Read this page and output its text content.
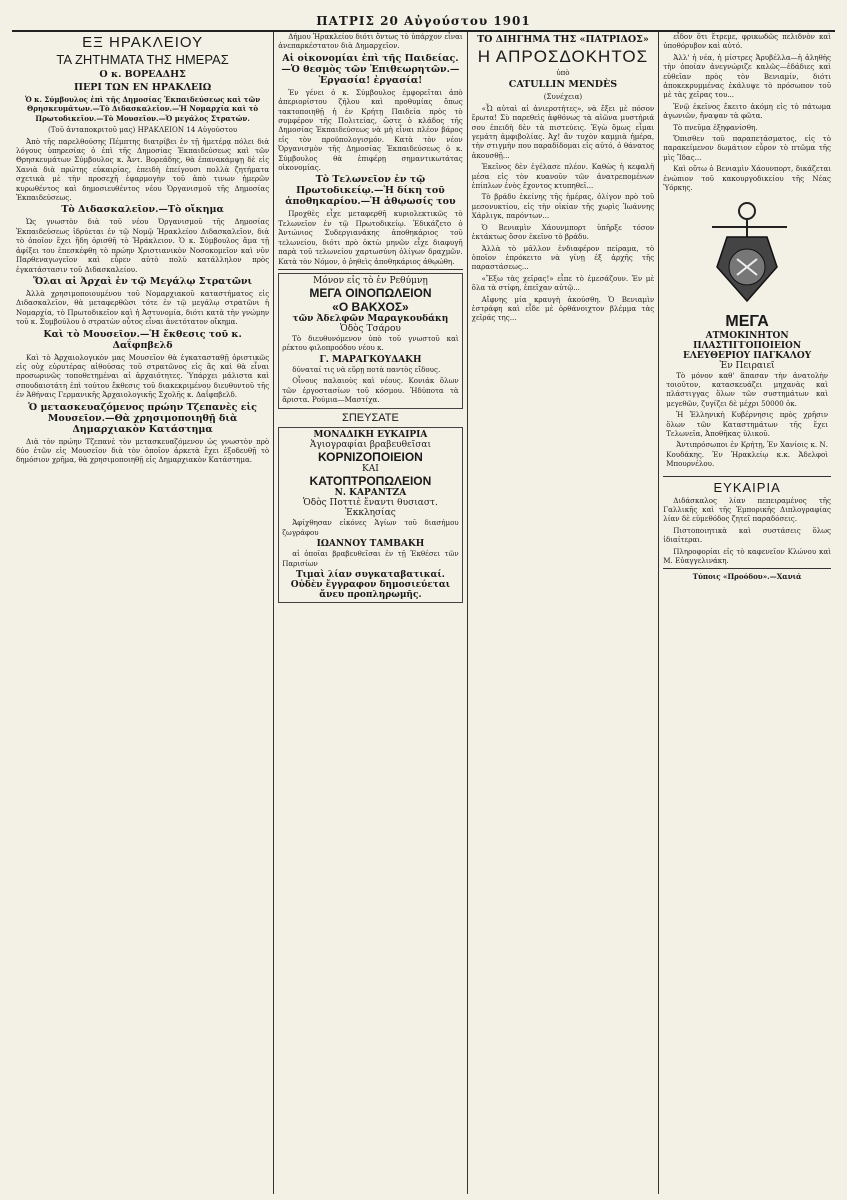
ΠΑΤΡΙΣ 20 Αὐγούστου 1901
ΕΞ ΗΡΑΚΛΕΙΟΥ
ΤΑ ΖΗΤΗΜΑΤΑ ΤΗΣ ΗΜΕΡΑΣ
Ο κ. ΒΟΡΕΑΔΗΣ
ΠΕΡΙ ΤΩΝ ΕΝ ΗΡΑΚΛΕΙΩ

Ὁ κ. Σύμβουλος ἐπὶ τῆς Δημοσίας Ἐκπαιδεύσεως καὶ τῶν Θρησκευμάτων.—Τὸ Διδασκαλεῖον.—Ἡ Νομαρχία καὶ τὸ Πρωτοδικεῖον.—Τὸ Μουσεῖον.—Ὁ μεγάλος Στρατών.

(Τοῦ ἀνταποκριτοῦ μας) ΗΡΑΚΛΕΙΟΝ 14 Αὐγούστου

Ἀπὸ τῆς παρελθούσης Πέμπτης διατρίβει ἐν τῇ ἡμετέρᾳ πόλει διὰ λόγους ὑπηρεσίας ὁ ἐπὶ τῆς Δημοσίας Ἐκπαιδεύσεως καὶ τῶν Θρησκευμάτων Σύμβουλος κ. Ἀντ. Βορεάδης, θὰ ἐπανακάμψῃ δὲ εἰς Χανιὰ διὰ πρώτης εὐκαιρίας, ἐπειδὴ ἐπείγουσι πολλὰ ζητήματα σχετικὰ μὲ τὴν προσεχῆ ἐφαρμογὴν τοῦ ἀπὸ τινων ἡμερῶν κυρωθέντος καὶ δημοσιευθέντος νέου Ὀργανισμοῦ τῆς Δημοσίας Ἐκπαιδεύσεως.

Τὸ Διδασκαλεῖον.—Τὸ οἴκημα

Ὡς γνωστὸν διὰ τοῦ νέου Ὀργανισμοῦ τῆς Δημοσίας Ἐκπαιδεύσεως ἱδρύεται ἐν τῷ Νομῷ Ἡρακλείου Διδασκαλεῖον, διὰ τὸ ὁποῖον ἔχει ἤδη ὁρισθῆ τὸ Ἡράκλειον. Ὁ κ. Σύμβουλος ἅμα τῇ ἀφίξει του ἐπεσκέφθη τὸ πρώην Χριστιανικὸν Νοσοκομεῖον καὶ νῦν Παρθεναγωγεῖον καὶ εὗρεν αὐτὸ πολὺ κατάλληλον πρὸς ἐγκατάστασιν τοῦ Διδασκαλείου.

Ὅλαι αἱ Ἀρχαὶ ἐν τῷ Μεγάλῳ Στρατῶνι

Ἀλλὰ χρησιμοποιουμένου τοῦ Νομαρχιακοῦ καταστήματος εἰς Διδασκαλεῖον, θὰ μεταφερθῶσι τότε ἐν τῷ μεγάλῳ στρατῶνι ἡ Νομαρχία, τὸ Πρωτοδικεῖον καὶ ἡ Ἀστυνομία, διότι κατὰ τὴν γνώμην τοῦ κ. Συμβούλου ὁ στρατὼν οὗτος εἶναι ἀνετότατον οἴκημα.

Καὶ τὸ Μουσεῖον.—Ἡ ἔκθεσις τοῦ κ. Δαΐφπβελδ

Καὶ τὸ Ἀρχαιολογικὸν μας Μουσεῖον θὰ ἐγκατασταθῇ ὁριστικῶς εἰς οὐχ εὐρυτέρας αἰθούσας τοῦ στρατῶνος εἰς ἃς καὶ θὰ εἶναι προσωρινῶς τοποθετημέναι αἱ ἀρχαιότητες. Ὑπάρχει μάλιστα καὶ σπουδαιοτάτη ἐπὶ τούτου ἔκθεσις τοῦ διακεκριμένου διευθυντοῦ τῆς ἐν Ἀθήναις Γερμανικῆς Ἀρχαιολογικῆς Σχολῆς κ. Δαΐφπβελδ.

Ὁ μετασκευαζόμενος πρώην Τζεπανὲς εἰς Μουσεῖον.—Θὰ χρησιμοποιηθῇ διὰ Δημαρχιακὸν Κατάστημα

Διὰ τὸν πρώην Τζεπανὲ τὸν μετασκευαζόμενον ὡς γνωστὸν πρὸ δύο ἐτῶν εἰς Μουσεῖον διὰ τὸν ὁποῖον ἀρκετὰ ἔχει ἐξοδευθῇ τὸ δημόσιον χρῆμα, θὰ χρησιμοποιηθῇ εἰς Δημαρχιακὸν Κατάστημα.

Δήμου Ἡρακλείου διότι ὄντως τὸ ὑπάρχον εἶναι ἀνεπαρκέστατον διὰ Δημαρχεῖον.

Αἱ οἰκονομίαι ἐπὶ τῆς Παιδείας.—Ὁ θεσμὸς τῶν Ἐπιθεωρητῶν.—Ἐργασία! ἐργασία!

Ἐν γένει ὁ κ. Σύμβουλος ἐμφορεῖται ἀπὸ ἀπεριορίστου ζήλου καὶ προθυμίας ὅπως τακτοποιηθῇ ἡ ἐν Κρήτῃ Παιδεία πρὸς τὸ συμφέρον τῆς Πολιτείας, ὥστε ὁ κλάδος τῆς Δημοσίας Ἐκπαιδεύσεως νὰ μὴ εἶναι πλέον βάρος εἰς τὸν προϋπολογισμόν. Κατὰ τὸν νέον Ὀργανισμὸν τῆς Δημοσίας Ἐκπαιδεύσεως ὁ κ. Σύμβουλος θὰ ἐπιφέρῃ σημαντικωτάτας οἰκονομίας.

Τὸ Τελωνεῖον ἐν τῷ Πρωτοδικείῳ.—Ἡ δίκη τοῦ ἀποθηκαρίου.—Ἡ ἀθῳωσίς του

Προχθὲς εἶχε μεταφερθῆ κυριολεκτικῶς τὸ Τελωνεῖον ἐν τῷ Πρωτοδικείῳ. Ἐδικάζετο ὁ Ἀντώνιος Συδεργιανάκης ἀποθηκάριος τοῦ τελωνείου, διότι πρὸ ὀκτὼ μηνῶν εἶχε διαφυγῆ παρὰ τοῦ τελωνείου χαρτωσύνη ὀλίγων δραχμῶν. Κατὰ τὸν Νόμον, ὁ ῥηθεὶς ἀποθηκάριος ἀθῳώθη.

Μόνον εἰς τὸ ἐν Ρεθύμνῃ
ΜΕΓΑ ΟΙΝΟΠΩΛΕΙΟΝ
«Ο ΒΑΚΧΟΣ»
τῶν Ἀδελφῶν Μαραγκουδάκη
Ὁδὸς Τσάρου

Τὸ διευθυνόμενον ὑπὸ τοῦ γνωστοῦ καὶ ρέκτου φιλοπροόδου νέου κ.

Γ. ΜΑΡΑΓΚΟΥΔΑΚΗ

δύναταί τις νὰ εὕρῃ ποτὰ παντὸς εἴδους.

Οἶνους παλαιοὺς καὶ νέους. Κονιάκ ὅλων τῶν ἐργοστασίων τοῦ κόσμου. Ἡδύποτα τὰ ἄριστα. Ρούμια—Μαστίχα.

ΣΠΕΥΣΑΤΕ
ΜΟΝΑΔΙΚΗ ΕΥΚΑΙΡΙΑ
Ἀγιογραφίαι βραβευθεῖσαι
ΚΟΡΝΙΖΟΠΟΙΕΙΟΝ
ΚΑΙ
ΚΑΤΟΠΤΡΟΠΩΛΕΙΟΝ
Ν. ΚΑΡΑΝΤΖΑ
Ὁδὸς Ποττιὲ ἔναντι θυσιαστ. Ἐκκλησίας

Ἀφίχθησαν εἰκόνες Ἁγίων τοῦ διασήμου ζωγράφου

ΙΩΑΝΝΟΥ ΤΑΜΒΑΚΗ

αἱ ὁποῖαι βραβευθεῖσαι ἐν τῇ Ἐκθέσει τῶν Παρισίων

Τιμαὶ λίαν συγκαταβατικαί.
Οὐδὲν ἔγγραφον δημοσιεύεται ἄνευ προπληρωμῆς.
ΤΟ ΔΙΗΓΗΜΑ ΤΗΣ «ΠΑΤΡΙΔΟΣ»
Η ΑΠΡΟΣΔΟΚΗΤΟΣ

ὑπὸ

CATULLIN MENDÈS

(Συνέχεια)

«Ὦ αὐταὶ αἱ ἀνιεροτήτες», νὰ ἔξει μὲ πόσον ἔρωτα! Σὺ παρεθεὶς ἀφθόνως τὰ αἰῶνα μυστήριά σου ἐπειδὴ δὲν τὰ πιστεύεις. Ἐγὼ ὅμως εἶμαι γεμάτη ἀμφιβολίας. Ἀχ! ἂν τυχὸν καμμιὰ ἡμέρα, τὴν στιγμὴν που παραδίδομαι εἰς αὐτό, ὁ θάνατος ἀκουσθῇ...

Ἐκεῖνος δὲν ἐγέλασε πλέον. Καθὼς ἡ κεφαλὴ μέσα εἰς τὸν κυανοῦν τῶν ἀνατρεπομένων ἐπίπλων ἐνὸς ἔχοντος κτυπηθεῖ...

Τὸ βράδυ ἐκείνης τῆς ἡμέρας, ὀλίγον πρὸ τοῦ μεσονυκτίου, εἰς τὴν οἰκίαν τῆς χωρὶς Ἰωάννης Χάρλιγκ, παρόντων...

Ὁ Βενιαμὶν Χάουνμπορτ ὑπῆρξε τόσον ἐκτάκτως ὅσον ἐκεῖνο τὸ βράδυ.

Ἀλλὰ τὸ μᾶλλον ἐνδιαφέρον πείραμα, τὸ ὁποῖον ἐπρόκειτο νὰ γίνῃ ἐξ ἀρχῆς τῆς παραστάσεως...

«Ἔξω τὰς χεῖρας!» εἶπε τὸ ἐμεσάζουν. Ἐν μὲ ὅλα τὰ στίφη, ἐπεῖχαν αὐτῷ...

Αἴφνης μία κραυγὴ ἀκούσθη. Ὁ Βενιαμὶν ἐστράφη καὶ εἶδε μὲ ὀρθάνοιχτον βλέμμα τὰς χεῖράς της...

εἶδον ὅτι ἔτρεμε, φρικωδῶς πελιδνὸν καὶ ὑποθόρυβον καὶ αὐτό.

Ἀλλ' ἡ νέα, ἡ μίστρες Ἀρυβέλλα—ἡ ἀληθὴς τὴν ὁποίαν ἀνεγνώριζε καλῶς—ἐδάδιες καὶ εὐθεῖαν πρὸς τὸν Βενιαμίν, διότι ἀποκεκρυμμένας ἐκάλυψε τὸ πρόσωπον τοῦ μὲ τὰς χεῖρας του...

Ἐνῷ ἐκεῖνος ἔκειτο ἀκόμη εἰς τὸ πάτωμα ἀγωνιῶν, ἤναψαν τὰ φῶτα.

Τὸ πνεῦμα ἐξηφανίσθη.

Ὄπισθεν τοῦ παραπετάσματος, εἰς τὸ παρακείμενον δωμάτιον εὗρον τὸ πτῶμα τῆς μὶς Ἴδας...

Καὶ οὕτω ὁ Βενιαμὶν Χάουνπορτ, δικάζεται ἐνώπιον τοῦ κακουργοδικείου τῆς Νέας Ὑόρκης.

ΜΕΓΑ
ΑΤΜΟΚΙΝΗΤΟΝ ΠΛΑΣΤΙΓΓΟΠΟΙΕΙΟΝ
ΕΛΕΥΘΕΡΙΟΥ ΠΑΓΚΑΛΟΥ
Ἐν Πειραιεῖ

Τὸ μόνον καθ' ἅπασαν τὴν ἀνατολὴν τοιοῦτον, κατασκευάζει μηχανὰς καὶ πλάστιγγας ὅλων τῶν συστημάτων καὶ μεγεθῶν, ζυγίζει δὲ μέχρι 50000 ὀκ.

Ἡ Ἑλληνικὴ Κυβέρνησις πρὸς χρῆσιν ὅλων τῶν Καταστημάτων τῆς ἔχει Τελωνεῖα, Ἀποθῆκας ὑλικοῦ.

Ἀντιπρόσωποι ἐν Κρήτῃ, Ἐν Χανίοις κ. Ν. Κουδάκης. Ἐν Ἡρακλείῳ κ.κ. Ἀδελφοὶ Μπουρνέλου.

ΕΥΚΑΙΡΙΑ

Διδάσκαλος λίαν πεπειραμένος τῆς Γαλλικῆς καὶ τῆς Ἐμπορικῆς Διπλογραφίας λίαν δὲ εὐμεθόδος ζητεῖ παραδόσεις.

Πιστοποιητικὰ καὶ συστάσεις ὅλως ἰδιαίτεραι.

Πληροφορίαι εἰς τὸ καφενεῖον Κλώνου καὶ Μ. Εὐαγγελινάκη.

Τύποις «Προόδου».—Χανιά
